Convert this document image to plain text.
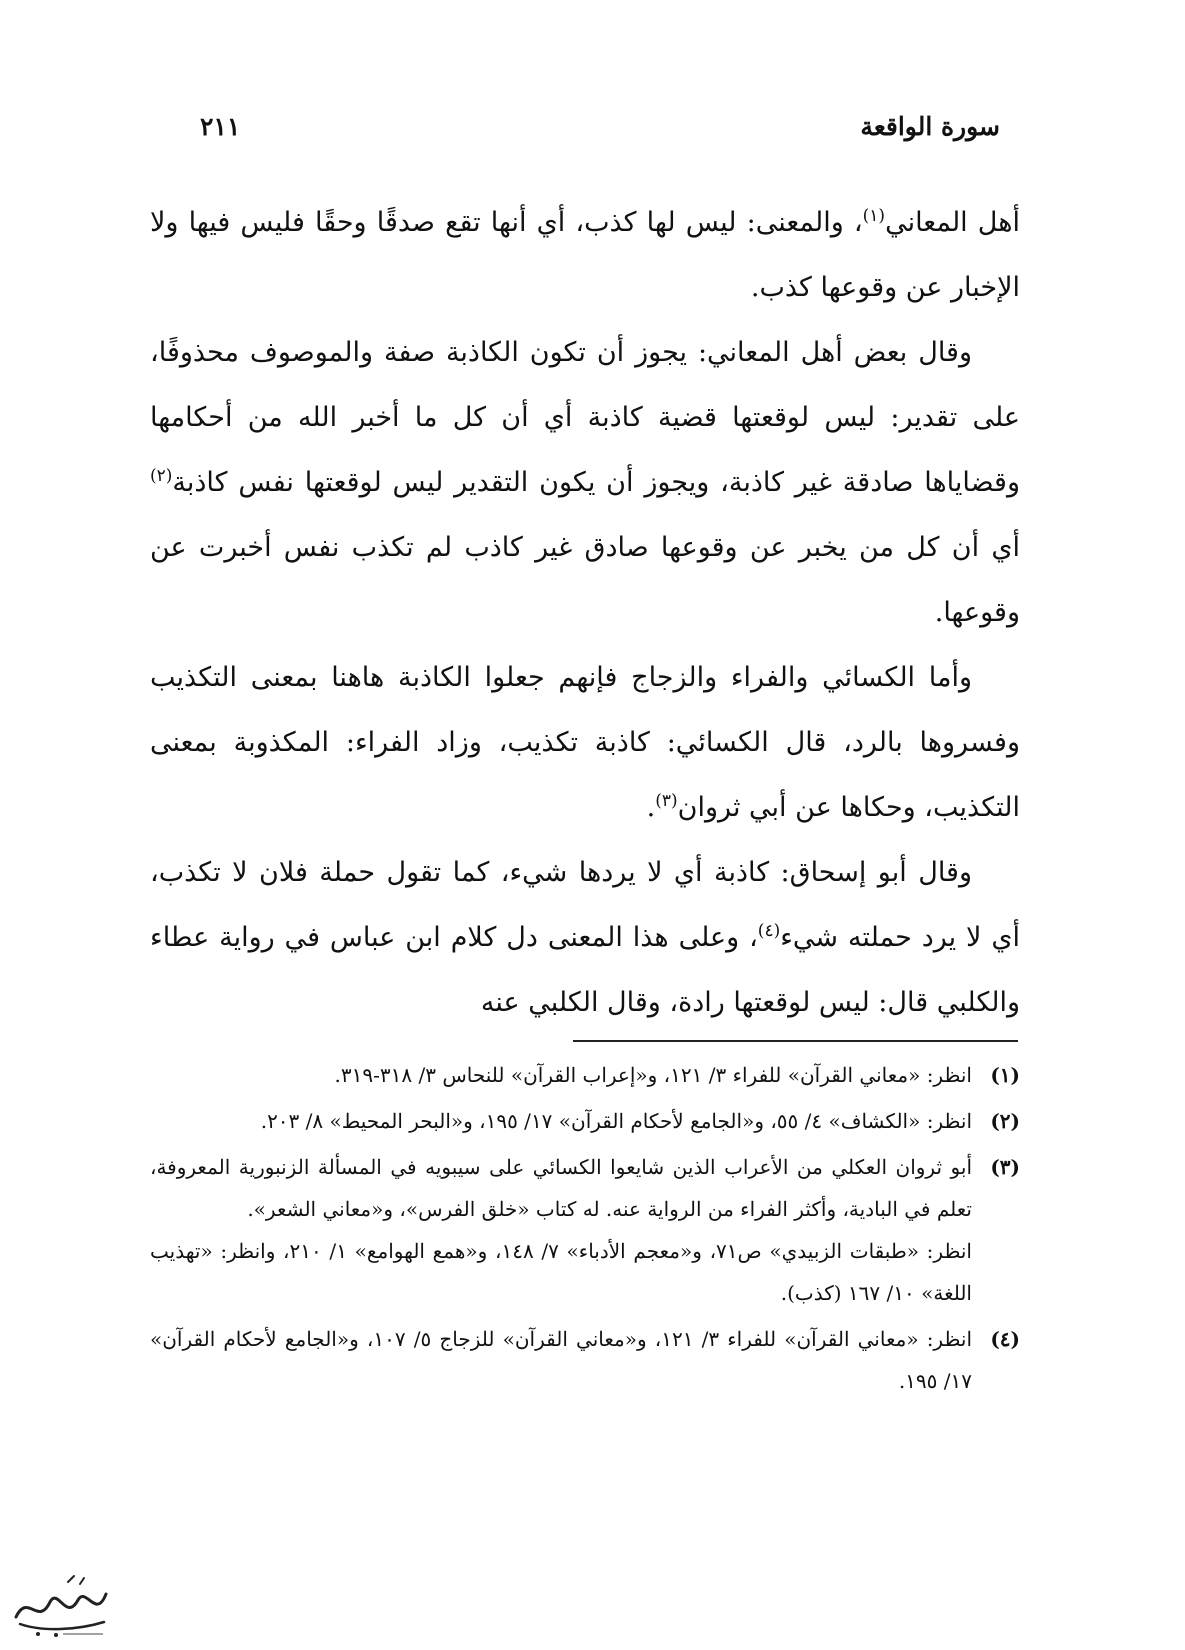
سورة الواقعة
٢١١

أهل المعاني$^{(١)}$، والمعنى: ليس لها كذب، أي أنها تقع صدقًا وحقًا فليس فيها ولا الإخبار عن وقوعها كذب.

وقال بعض أهل المعاني: يجوز أن تكون الكاذبة صفة والموصوف محذوفًا، على تقدير: ليس لوقعتها قضية كاذبة أي أن كل ما أخبر الله من أحكامها وقضاياها صادقة غير كاذبة، ويجوز أن يكون التقدير ليس لوقعتها نفس كاذبة$^{(٢)}$ أي أن كل من يخبر عن وقوعها صادق غير كاذب لم تكذب نفس أخبرت عن وقوعها.

وأما الكسائي والفراء والزجاج فإنهم جعلوا الكاذبة هاهنا بمعنى التكذيب وفسروها بالرد، قال الكسائي: كاذبة تكذيب، وزاد الفراء: المكذوبة بمعنى التكذيب، وحكاها عن أبي ثروان$^{(٣)}$.

وقال أبو إسحاق: كاذبة أي لا يردها شيء، كما تقول حملة فلان لا تكذب، أي لا يرد حملته شيء$^{(٤)}$، وعلى هذا المعنى دل كلام ابن عباس في رواية عطاء والكلبي قال: ليس لوقعتها رادة، وقال الكلبي عنه

(١)

انظر: «معاني القرآن» للفراء ٣/ ١٢١، و«إعراب القرآن» للنحاس ٣/ ٣١٨-٣١٩.

(٢)

انظر: «الكشاف» ٤/ ٥٥، و«الجامع لأحكام القرآن» ١٧/ ١٩٥، و«البحر المحيط» ٨/ ٢٠٣.

(٣)

أبو ثروان العكلي من الأعراب الذين شايعوا الكسائي على سيبويه في المسألة الزنبورية المعروفة، تعلم في البادية، وأكثر الفراء من الرواية عنه. له كتاب «خلق الفرس»، و«معاني الشعر».

انظر: «طبقات الزبيدي» ص٧١، و«معجم الأدباء» ٧/ ١٤٨، و«همع الهوامع» ١/ ٢١٠، وانظر: «تهذيب اللغة» ١٠/ ١٦٧ (كذب).

(٤)

انظر: «معاني القرآن» للفراء ٣/ ١٢١، و«معاني القرآن» للزجاج ٥/ ١٠٧، و«الجامع لأحكام القرآن» ١٧/ ١٩٥.
